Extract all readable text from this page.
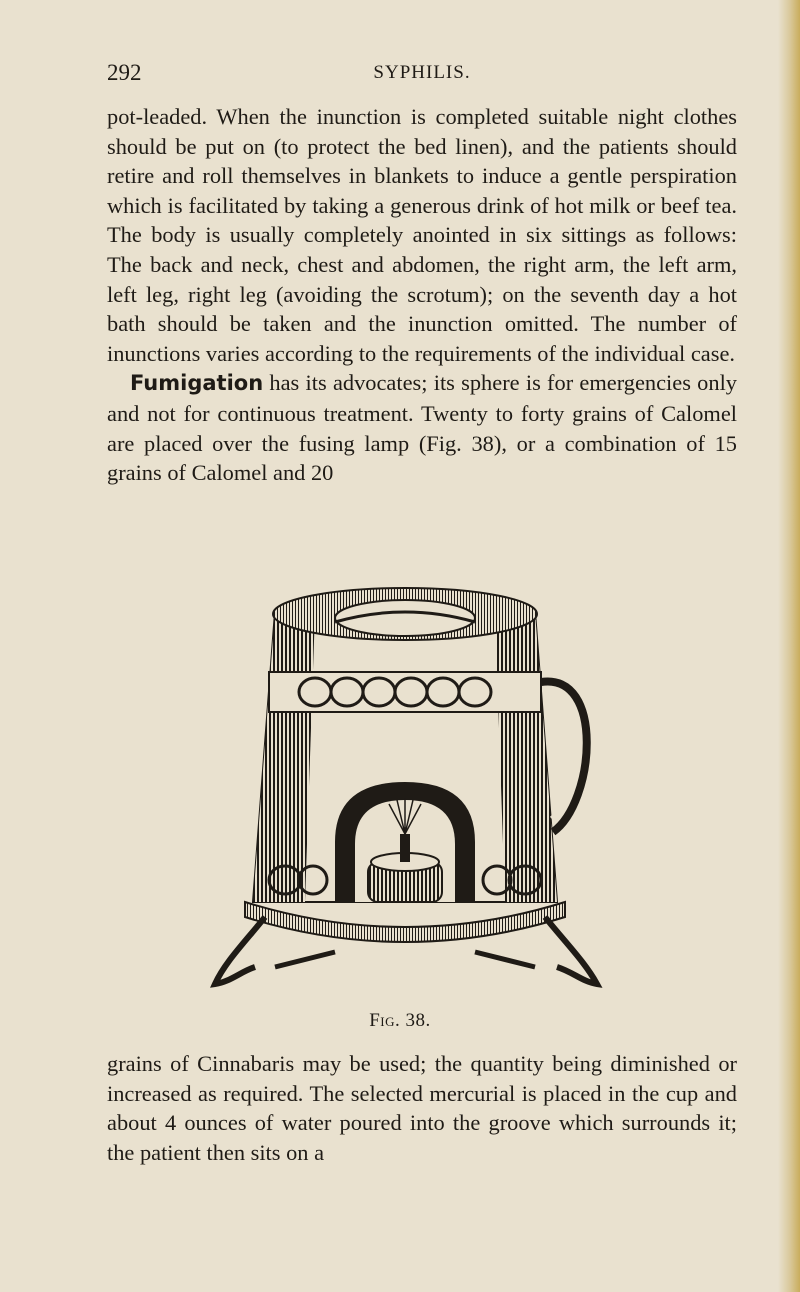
292	SYPHILIS.

pot-leaded. When the inunction is completed suitable night clothes should be put on (to protect the bed linen), and the patients should retire and roll themselves in blankets to induce a gentle perspiration which is facilitated by taking a generous drink of hot milk or beef tea. The body is usually completely anointed in six sittings as follows: The back and neck, chest and abdomen, the right arm, the left arm, left leg, right leg (avoiding the scrotum); on the seventh day a hot bath should be taken and the inunction omitted. The number of inunctions varies according to the requirements of the individual case.

Fumigation has its advocates; its sphere is for emergencies only and not for continuous treatment. Twenty to forty grains of Calomel are placed over the fusing lamp (Fig. 38), or a combination of 15 grains of Calomel and 20

Fig. 38.

grains of Cinnabaris may be used; the quantity being diminished or increased as required. The selected mercurial is placed in the cup and about 4 ounces of water poured into the groove which surrounds it; the patient then sits on a
